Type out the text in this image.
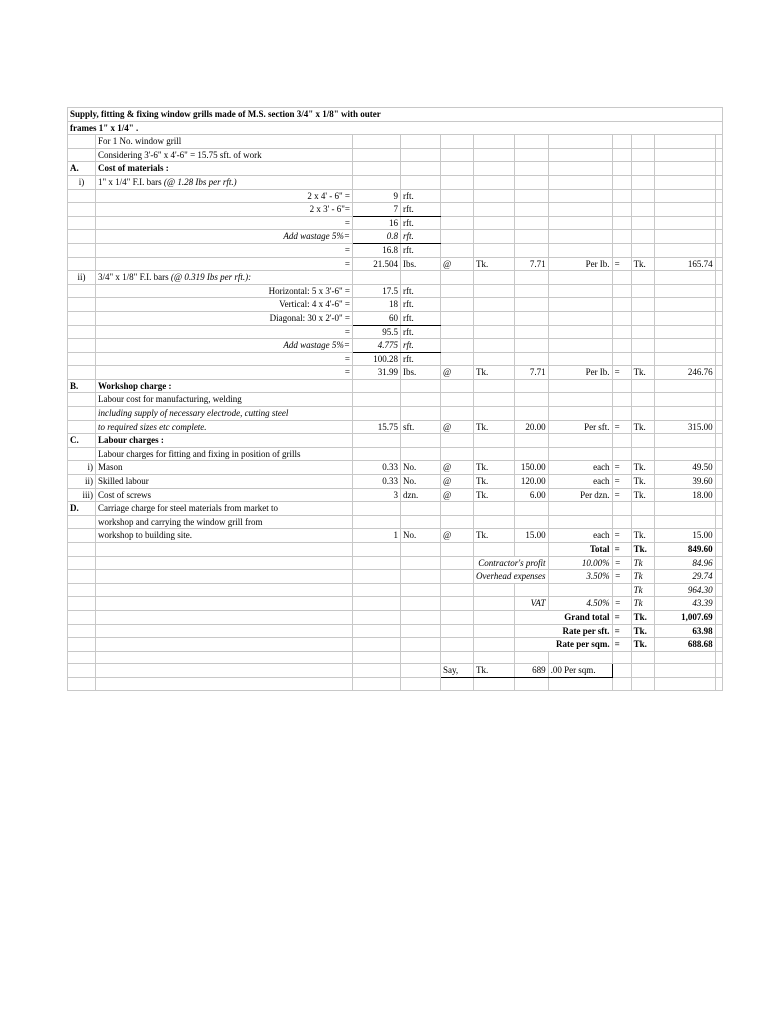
Supply, fitting & fixing window grills made of M.S. section 3/4" x 1/8" with outer											
frames 1" x 1/4" .											
	For 1 No. window grill										
	Considering 3'-6" x 4'-6" = 15.75 sft. of work										
A.	Cost of materials :										
i)	1" x 1/4" F.I. bars (@ 1.28 Ibs per rft.)										
	2 x 4' - 6" =	9	rft.								
	2 x 3' - 6"=	7	rft.								
	=	16	rft.								
	Add wastage 5%=	0.8	rft.								
	=	16.8	rft.								
	=	21.504	Ibs.	@	Tk.	7.71	Per Ib.	=	Tk.	165.74	
ii)	3/4" x 1/8" F.I. bars (@ 0.319 Ibs per rft.):										
	Horizontal: 5 x 3'-6" =	17.5	rft.								
	Vertical: 4 x 4'-6" =	18	rft.								
	Diagonal: 30 x 2'-0" =	60	rft.								
	=	95.5	rft.								
	Add wastage 5%=	4.775	rft.								
	=	100.28	rft.								
	=	31.99	Ibs.	@	Tk.	7.71	Per Ib.	=	Tk.	246.76	
B.	Workshop charge :										
	Labour cost for manufacturing, welding										
	including supply of necessary electrode, cutting steel										
	to required sizes etc complete.	15.75	sft.	@	Tk.	20.00	Per sft.	=	Tk.	315.00	
C.	Labour charges :										
	Labour charges for fitting and fixing in position of grills										
i)	Mason	0.33	No.	@	Tk.	150.00	each	=	Tk.	49.50	
ii)	Skilled labour	0.33	No.	@	Tk.	120.00	each	=	Tk.	39.60	
iii)	Cost of screws	3	dzn.	@	Tk.	6.00	Per dzn.	=	Tk.	18.00	
D.	Carriage charge for steel materials from market to										
	workshop and carrying the window grill from										
	workshop to building site.	1	No.	@	Tk.	15.00	each	=	Tk.	15.00	
							Total	=	Tk.	849.60	
					Contractor's profit		10.00%	=	Tk	84.96	
					Overhead expenses		3.50%	=	Tk	29.74	
									Tk	964.30	
						VAT	4.50%	=	Tk	43.39	
						Grand total		=	Tk.	1,007.69	
						Rate per sft.		=	Tk.	63.98	
						Rate per sqm.		=	Tk.	688.68	

				Say,	Tk.	689	.00 Per sqm.				
